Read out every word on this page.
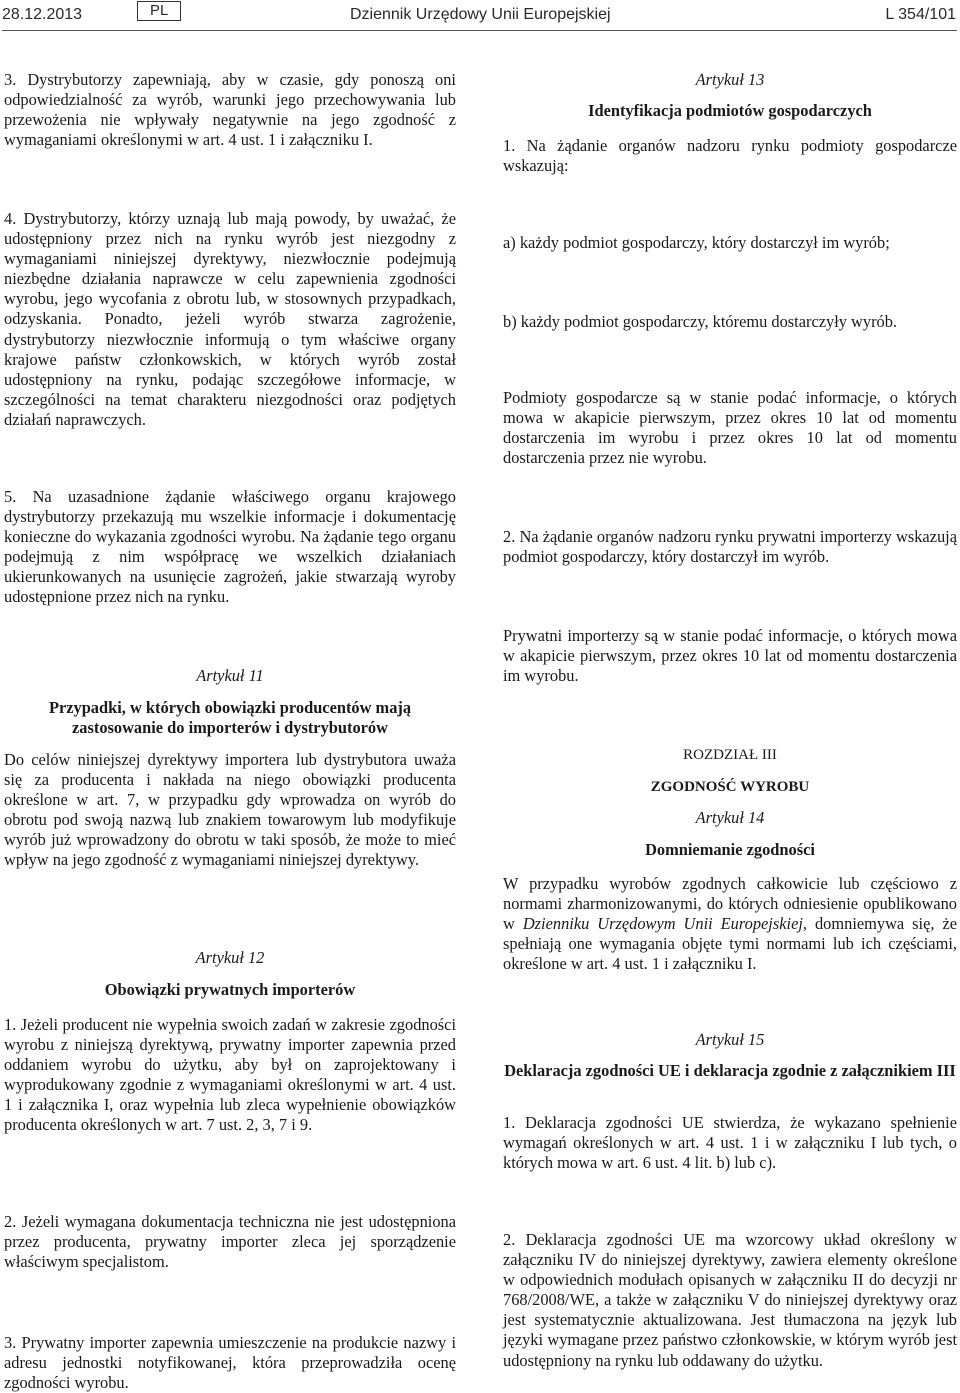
28.12.2013	PL	Dziennik Urzędowy Unii Europejskiej	L 354/101

3. Dystrybutorzy zapewniają, aby w czasie, gdy ponoszą oni odpowiedzialność za wyrób, warunki jego przechowywania lub przewożenia nie wpływały negatywnie na jego zgodność z wymaganiami określonymi w art. 4 ust. 1 i załączniku I.

4. Dystrybutorzy, którzy uznają lub mają powody, by uważać, że udostępniony przez nich na rynku wyrób jest niezgodny z wymaganiami niniejszej dyrektywy, niezwłocznie podejmują niezbędne działania naprawcze w celu zapewnienia zgodności wyrobu, jego wycofania z obrotu lub, w stosownych przypadkach, odzyskania. Ponadto, jeżeli wyrób stwarza zagrożenie, dystrybutorzy niezwłocznie informują o tym właściwe organy krajowe państw członkowskich, w których wyrób został udostępniony na rynku, podając szczegółowe informacje, w szczególności na temat charakteru niezgodności oraz podjętych działań naprawczych.

5. Na uzasadnione żądanie właściwego organu krajowego dystrybutorzy przekazują mu wszelkie informacje i dokumentację konieczne do wykazania zgodności wyrobu. Na żądanie tego organu podejmują z nim współpracę we wszelkich działaniach ukierunkowanych na usunięcie zagrożeń, jakie stwarzają wyroby udostępnione przez nich na rynku.

Artykuł 11

Przypadki, w których obowiązki producentów mają zastosowanie do importerów i dystrybutorów

Do celów niniejszej dyrektywy importera lub dystrybutora uważa się za producenta i nakłada na niego obowiązki producenta określone w art. 7, w przypadku gdy wprowadza on wyrób do obrotu pod swoją nazwą lub znakiem towarowym lub modyfikuje wyrób już wprowadzony do obrotu w taki sposób, że może to mieć wpływ na jego zgodność z wymaganiami niniejszej dyrektywy.

Artykuł 12

Obowiązki prywatnych importerów

1. Jeżeli producent nie wypełnia swoich zadań w zakresie zgodności wyrobu z niniejszą dyrektywą, prywatny importer zapewnia przed oddaniem wyrobu do użytku, aby był on zaprojektowany i wyprodukowany zgodnie z wymaganiami określonymi w art. 4 ust. 1 i załącznika I, oraz wypełnia lub zleca wypełnienie obowiązków producenta określonych w art. 7 ust. 2, 3, 7 i 9.

2. Jeżeli wymagana dokumentacja techniczna nie jest udostępniona przez producenta, prywatny importer zleca jej sporządzenie właściwym specjalistom.

3. Prywatny importer zapewnia umieszczenie na produkcie nazwy i adresu jednostki notyfikowanej, która przeprowadziła ocenę zgodności wyrobu.

Artykuł 13

Identyfikacja podmiotów gospodarczych

1. Na żądanie organów nadzoru rynku podmioty gospodarcze wskazują:

a) każdy podmiot gospodarczy, który dostarczył im wyrób;

b) każdy podmiot gospodarczy, któremu dostarczyły wyrób.

Podmioty gospodarcze są w stanie podać informacje, o których mowa w akapicie pierwszym, przez okres 10 lat od momentu dostarczenia im wyrobu i przez okres 10 lat od momentu dostarczenia przez nie wyrobu.

2. Na żądanie organów nadzoru rynku prywatni importerzy wskazują podmiot gospodarczy, który dostarczył im wyrób.

Prywatni importerzy są w stanie podać informacje, o których mowa w akapicie pierwszym, przez okres 10 lat od momentu dostarczenia im wyrobu.

ROZDZIAŁ III

ZGODNOŚĆ WYROBU

Artykuł 14

Domniemanie zgodności

W przypadku wyrobów zgodnych całkowicie lub częściowo z normami zharmonizowanymi, do których odniesienie opublikowano w Dzienniku Urzędowym Unii Europejskiej, domniemywa się, że spełniają one wymagania objęte tymi normami lub ich częściami, określone w art. 4 ust. 1 i załączniku I.

Artykuł 15

Deklaracja zgodności UE i deklaracja zgodnie z załącznikiem III

1. Deklaracja zgodności UE stwierdza, że wykazano spełnienie wymagań określonych w art. 4 ust. 1 i w załączniku I lub tych, o których mowa w art. 6 ust. 4 lit. b) lub c).

2. Deklaracja zgodności UE ma wzorcowy układ określony w załączniku IV do niniejszej dyrektywy, zawiera elementy określone w odpowiednich modułach opisanych w załączniku II do decyzji nr 768/2008/WE, a także w załączniku V do niniejszej dyrektywy oraz jest systematycznie aktualizowana. Jest tłumaczona na język lub języki wymagane przez państwo członkowskie, w którym wyrób jest udostępniony na rynku lub oddawany do użytku.
